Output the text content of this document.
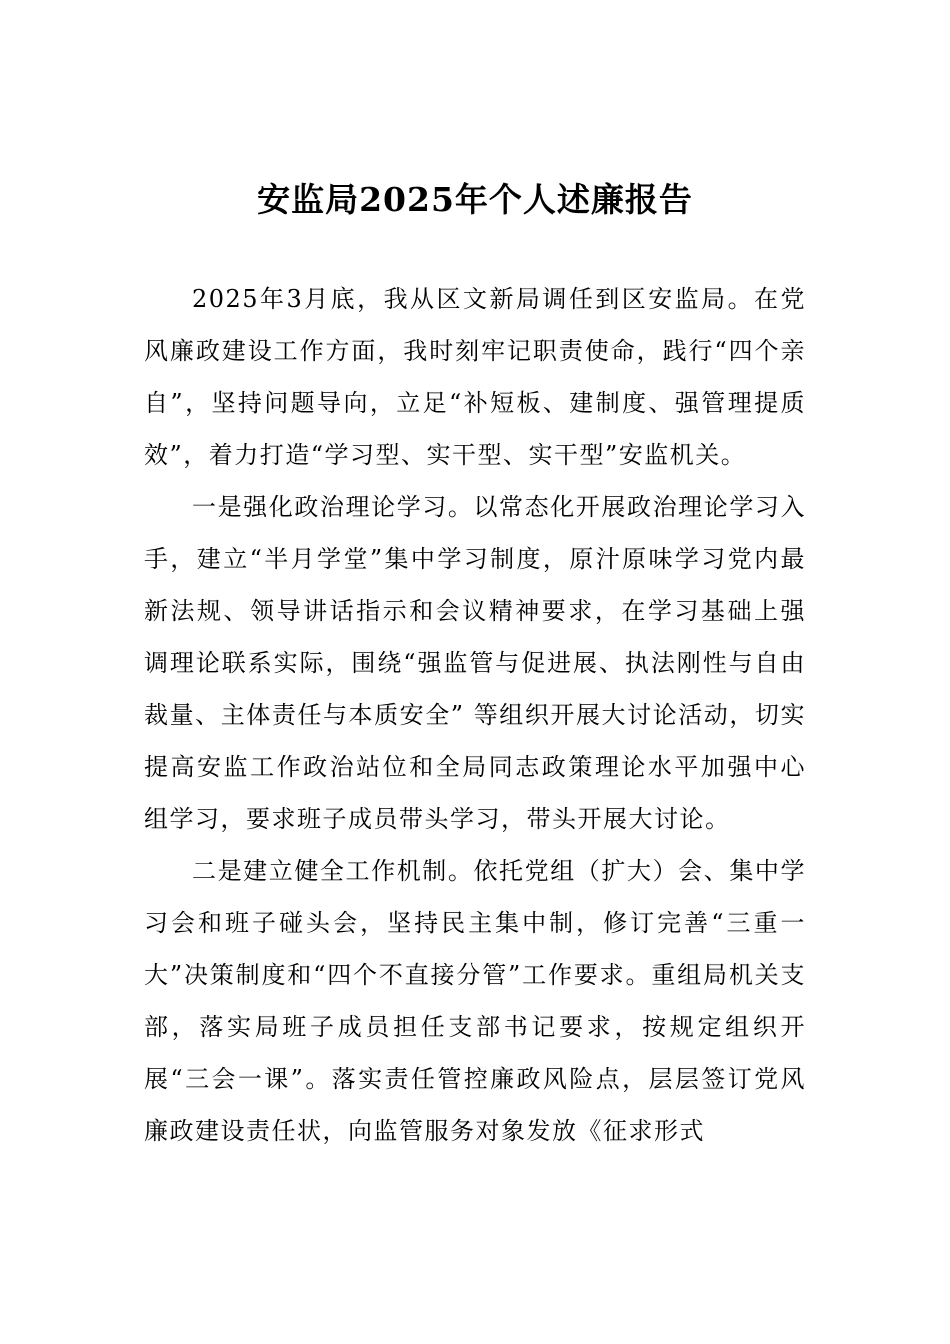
安监局2025年个人述廉报告

2025年3月底，我从区文新局调任到区安监局。在党风廉政建设工作方面，我时刻牢记职责使命，践行“四个亲自”，坚持问题导向，立足“补短板、建制度、强管理提质效”，着力打造“学习型、实干型、实干型”安监机关。

一是强化政治理论学习。以常态化开展政治理论学习入手，建立“半月学堂”集中学习制度，原汁原味学习党内最新法规、领导讲话指示和会议精神要求，在学习基础上强调理论联系实际，围绕“强监管与促进展、执法刚性与自由裁量、主体责任与本质安全” 等组织开展大讨论活动，切实提高安监工作政治站位和全局同志政策理论水平加强中心组学习，要求班子成员带头学习，带头开展大讨论。

二是建立健全工作机制。依托党组（扩大）会、集中学习会和班子碰头会，坚持民主集中制，修订完善“三重一大”决策制度和“四个不直接分管”工作要求。重组局机关支部，落实局班子成员担任支部书记要求，按规定组织开展“三会一课”。落实责任管控廉政风险点，层层签订党风廉政建设责任状，向监管服务对象发放《征求形式
